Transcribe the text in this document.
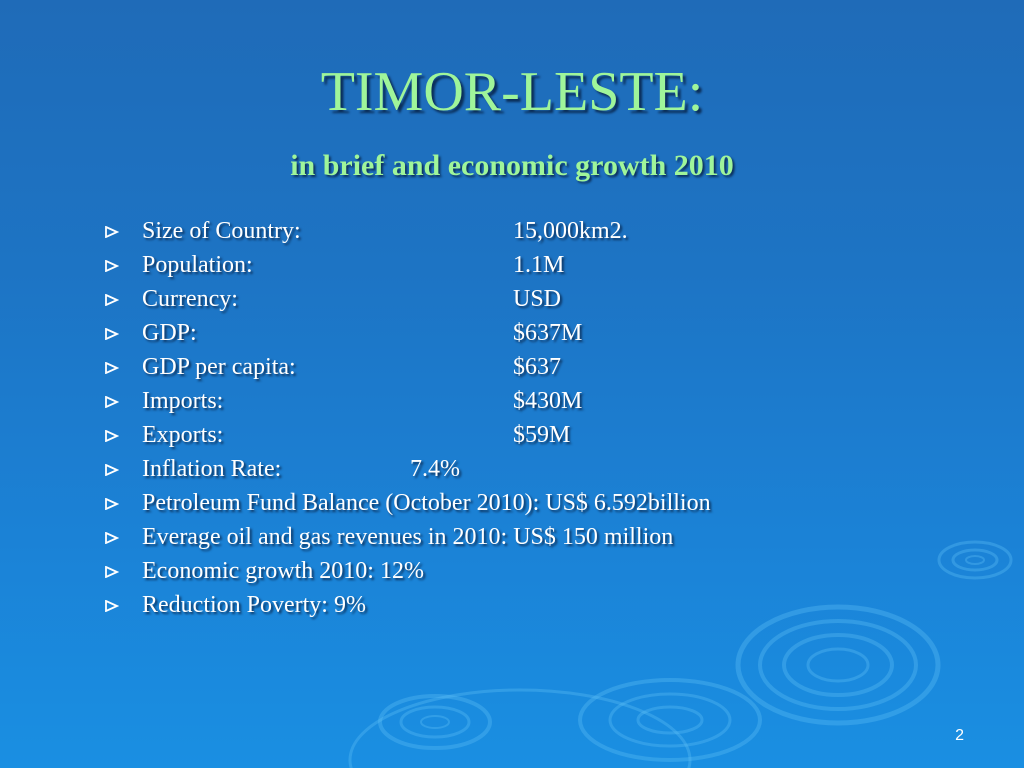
TIMOR-LESTE:
in brief and economic growth 2010
Size of Country:	15,000km2.
Population:	1.1M
Currency:	USD
GDP:	$637M
GDP per capita:	$637
Imports:	$430M
Exports:	$59M
Inflation Rate:	7.4%
Petroleum Fund Balance (October 2010): US$ 6.592billion
Everage oil and gas revenues in 2010: US$ 150 million
Economic growth 2010: 12%
Reduction Poverty: 9%
2
